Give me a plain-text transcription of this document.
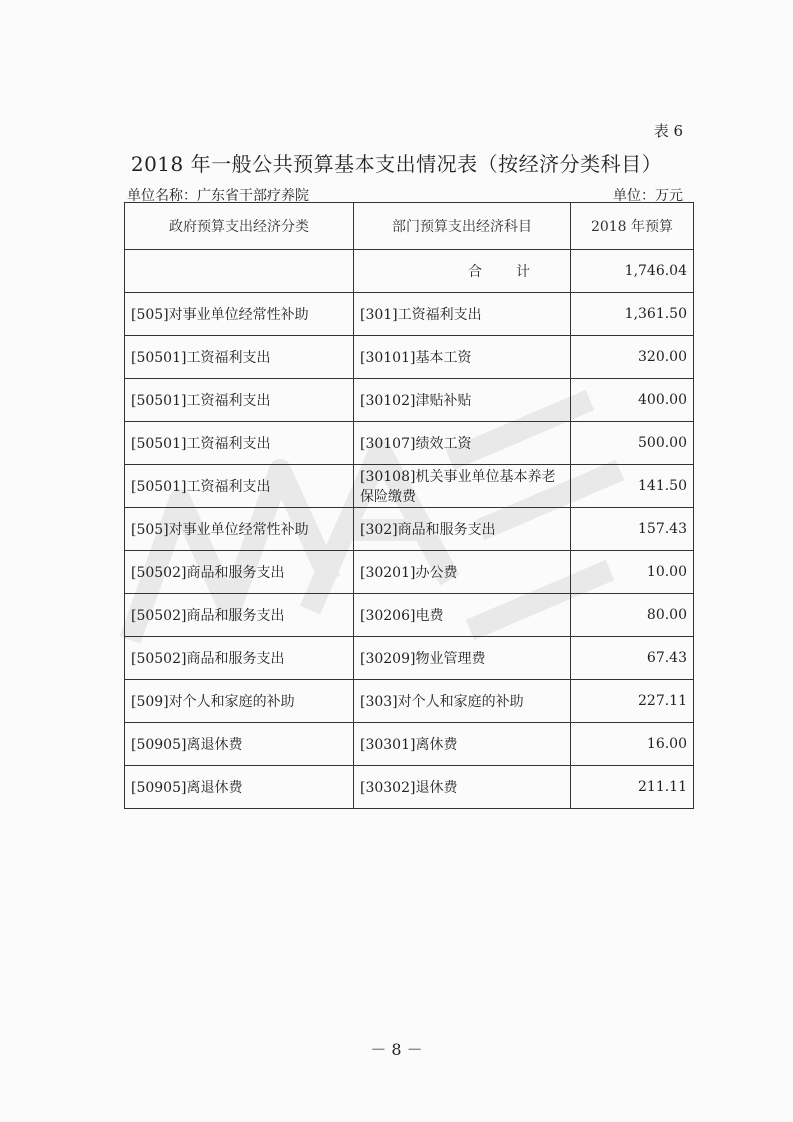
表 6
2018 年一般公共预算基本支出情况表（按经济分类科目）
单位名称：广东省干部疗养院	单位：万元
政府预算支出经济分类	部门预算支出经济科目	2018 年预算
	合计	1,746.04
[505]对事业单位经常性补助	[301]工资福利支出	1,361.50
[50501]工资福利支出	[30101]基本工资	320.00
[50501]工资福利支出	[30102]津贴补贴	400.00
[50501]工资福利支出	[30107]绩效工资	500.00
[50501]工资福利支出	[30108]机关事业单位基本养老保险缴费	141.50
[505]对事业单位经常性补助	[302]商品和服务支出	157.43
[50502]商品和服务支出	[30201]办公费	10.00
[50502]商品和服务支出	[30206]电费	80.00
[50502]商品和服务支出	[30209]物业管理费	67.43
[509]对个人和家庭的补助	[303]对个人和家庭的补助	227.11
[50905]离退休费	[30301]离休费	16.00
[50905]离退休费	[30302]退休费	211.11
－ 8 －
